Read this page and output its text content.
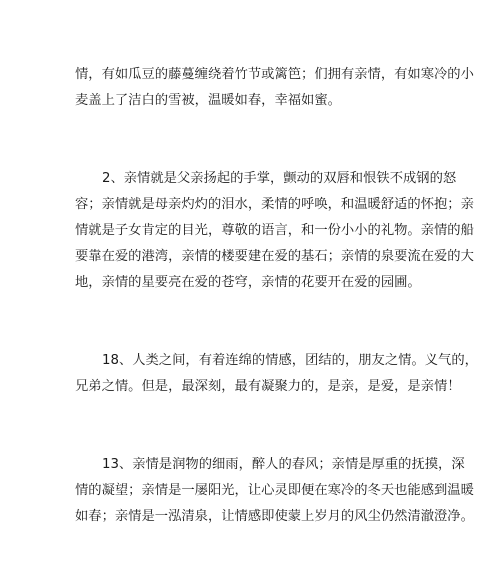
情，有如瓜豆的藤蔓缠绕着竹节或篱笆；们拥有亲情，有如寒冷的小
麦盖上了洁白的雪被，温暖如春，幸福如蜜。

2、亲情就是父亲扬起的手掌，颤动的双唇和恨铁不成钢的怒
容；亲情就是母亲灼灼的泪水，柔情的呼唤，和温暖舒适的怀抱；亲
情就是子女肯定的目光，尊敬的语言，和一份小小的礼物。亲情的船
要靠在爱的港湾，亲情的楼要建在爱的基石；亲情的泉要流在爱的大
地，亲情的星要亮在爱的苍穹，亲情的花要开在爱的园圃。

18、人类之间，有着连绵的情感，团结的，朋友之情。义气的，
兄弟之情。但是，最深刻，最有凝聚力的，是亲，是爱，是亲情！

13、亲情是润物的细雨，醉人的春风；亲情是厚重的抚摸，深
情的凝望；亲情是一屡阳光，让心灵即便在寒冷的冬天也能感到温暖
如春；亲情是一泓清泉，让情感即使蒙上岁月的风尘仍然清澈澄净。
